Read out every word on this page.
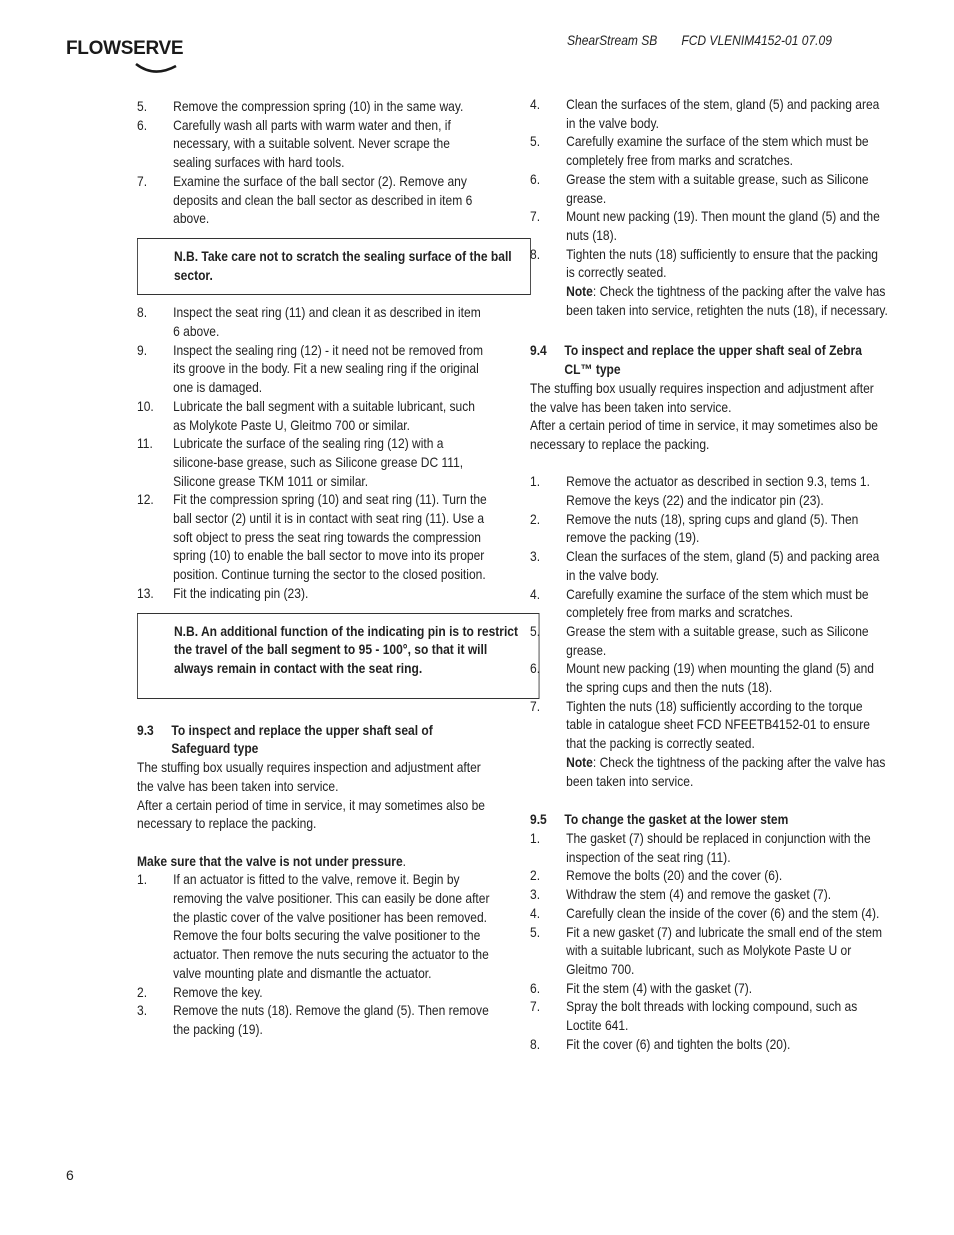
FLOWSERVE	ShearStream SB FCD VLENIM4152-01 07.09
5.	Remove the compression spring (10) in the same way.
6.	Carefully wash all parts with warm water and then, if necessary, with a suitable solvent. Never scrape the sealing surfaces with hard tools.
7.	Examine the surface of the ball sector (2). Remove any deposits and clean the ball sector as described in item 6 above.
N.B. Take care not to scratch the sealing surface of the ball sector.
8.	Inspect the seat ring (11) and clean it as described in item 6 above.
9.	Inspect the sealing ring (12) - it need not be removed from its groove in the body. Fit a new sealing ring if the original one is damaged.
10.	Lubricate the ball segment with a suitable lubricant, such as Molykote Paste U, Gleitmo 700 or similar.
11.	Lubricate the surface of the sealing ring (12) with a silicone-base grease, such as Silicone grease DC 111, Silicone grease TKM 1011 or similar.
12.	Fit the compression spring (10) and seat ring (11). Turn the ball sector (2) until it is in contact with seat ring (11). Use a soft object to press the seat ring towards the compression spring (10) to enable the ball sector to move into its proper position. Continue turning the sector to the closed position.
13.	Fit the indicating pin (23).
N.B. An additional function of the indicating pin is to restrict the travel of the ball segment to 95 - 100°, so that it will always remain in contact with the seat ring.
9.3	To inspect and replace the upper shaft seal of Safeguard type

The stuffing box usually requires inspection and adjustment after the valve has been taken into service.

After a certain period of time in service, it may sometimes also be necessary to replace the packing.

Make sure that the valve is not under pressure.

1.	If an actuator is fitted to the valve, remove it. Begin by removing the valve positioner. This can easily be done after the plastic cover of the valve positioner has been removed. Remove the four bolts securing the valve positioner to the actuator. Then remove the nuts securing the actuator to the valve mounting plate and dismantle the actuator.
2.	Remove the key.
3.	Remove the nuts (18). Remove the gland (5). Then remove the packing (19).
4.	Clean the surfaces of the stem, gland (5) and packing area in the valve body.
5.	Carefully examine the surface of the stem which must be completely free from marks and scratches.
6.	Grease the stem with a suitable grease, such as Silicone grease.
7.	Mount new packing (19). Then mount the gland (5) and the nuts (18).
8.	Tighten the nuts (18) sufficiently to ensure that the packing is correctly seated.
Note: Check the tightness of the packing after the valve has been taken into service, retighten the nuts (18), if necessary.
9.4	To inspect and replace the upper shaft seal of Zebra CL™ type

The stuffing box usually requires inspection and adjustment after the valve has been taken into service.

After a certain period of time in service, it may sometimes also be necessary to replace the packing.

1.	Remove the actuator as described in section 9.3, tems 1. Remove the keys (22) and the indicator pin (23).
2.	Remove the nuts (18), spring cups and gland (5). Then remove the packing (19).
3.	Clean the surfaces of the stem, gland (5) and packing area in the valve body.
4.	Carefully examine the surface of the stem which must be completely free from marks and scratches.
5.	Grease the stem with a suitable grease, such as Silicone grease.
6.	Mount new packing (19) when mounting the gland (5) and the spring cups and then the nuts (18).
7.	Tighten the nuts (18) sufficiently according to the torque table in catalogue sheet FCD NFEETB4152-01 to ensure that the packing is correctly seated.
Note: Check the tightness of the packing after the valve has been taken into service.
9.5	To change the gasket at the lower stem
1.	The gasket (7) should be replaced in conjunction with the inspection of the seat ring (11).
2.	Remove the bolts (20) and the cover (6).
3.	Withdraw the stem (4) and remove the gasket (7).
4.	Carefully clean the inside of the cover (6) and the stem (4).
5.	Fit a new gasket (7) and lubricate the small end of the stem with a suitable lubricant, such as Molykote Paste U or Gleitmo 700.
6.	Fit the stem (4) with the gasket (7).
7.	Spray the bolt threads with locking compound, such as Loctite 641.
8.	Fit the cover (6) and tighten the bolts (20).
6
